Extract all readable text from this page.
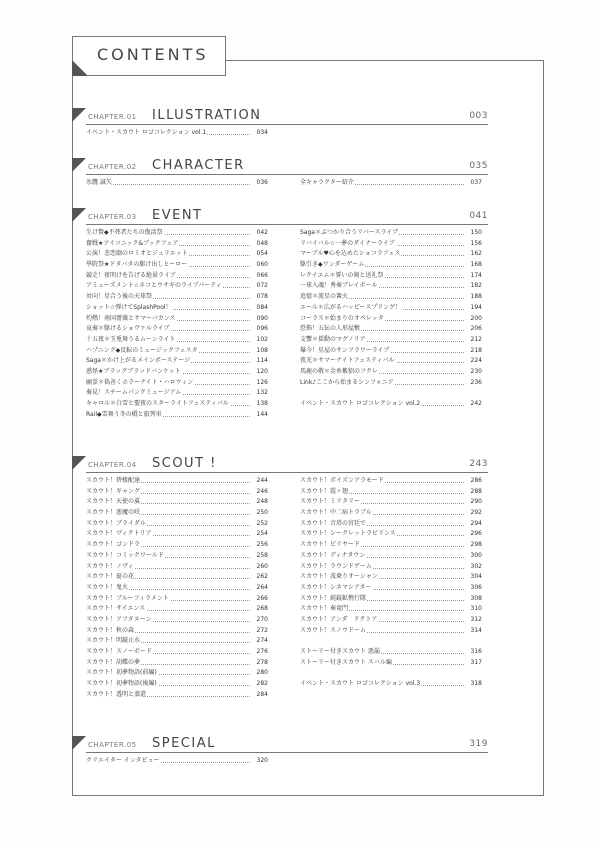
CONTENTS
CHAPTER.01 ILLUSTRATION	003
イベント・スカウト ロゴコレクション vol.1	034
CHAPTER.02 CHARACTER	035
氷鷹 誠矢	036	全キャラクター紹介	037
CHAPTER.03 EVENT	041
生け贄◆不死者たちの復活祭	042
奮戦★アイコニック&ブックフェア	048
公演！悲恋劇のロミオとジュリエット	054
學院祭★ドタバタの駆け出しヒーロー	060
競走！夜明けを告げる絶景ライブ	066
アミューズメント☆ネコとウサギのライブパーティ	072
対向！星合う後の天球祭	078
ショット☆弾けてSplashPool！	084
灼熱！南国薔薇とサマーバカンス	090
哀奏＊駆けるショヴァルライブ	096
十五夜＊玉兎舞うるムーンライト	102
ハプニング◆反転のミュージックフェスタ	108
Saga＊かけ上がるメインポーステージ	114
惑怪★ブラッグブラッドバンケット	120
幽霊＊偽善くホラーナイト・ハロウィン	126
奏晃！スチームパンクミュージアム	132
キャロル＊白雪と聖夜のスターライトフェスティバル	138
Rail◆雪舞う冬の橋と旅列車	144
Saga＊ぶつかり合うリバースライブ	150
リバイバル☆一夢のダイナーライブ	156
マーブル♥心を込めたショコラフェス	162
駆引き◆ワンダーゲーム	168
レクイエム＊誓いの剣と送礼祭	174
一球入魂！秀奏ブレイボール	182
追憶＊流星の篝火	188
エール＊広がるハッピースプリング！	194
コーラス＊始まりのオペレッタ	200
恐怖！五伝の人形屋敷	206
支響＊揺動のマグノリア	212
爆今！星屋のサンフラワーライブ	218
夜光＊サマーナイトフェスティバル	224
馬鹿の敬＊金糸紫貂のフクレ	230
Link♪ここから始まるシンフォニア	236
イベント・スカウト ロゴコレクション vol.2	242
CHAPTER.04 SCOUT !	243
スカウト！碧棲配達	244
スカウト！ギャング	246
スカウト！天使の翼	248
スカウト！悪魔の咲	250
スカウト！ブライダル	252
スカウト！ヴィクトリア	254
スカウト！ゴンドラ	256
スカウト！コミックワールド	258
スカウト！ノヴィ	260
スカウト！夏の花	262
スカウト！鬼火	264
スカウト！ブルーフィラメント	266
スカウト！サイエンス	268
スカウト！アフタヌーン	270
スカウト！秋の森	272
スカウト！明鏡止水	274
スカウト！スノーボード	276
スカウト！胡蝶の夢	278
スカウト！初夢物語(前編)	280
スカウト！初夢物語(後編)	282
スカウト！透明と蒸還	284
スカウト！ポイズンアラモード	286
スカウト！霞ヶ翅	288
スカウト！ミリタリー	290
スカウト！中二病トラブル	292
スカウト！音塔の宮廷で	294
スカウト！シークレットラビリンス	296
スカウト！ビリヤード	298
スカウト！ディナタウン	300
スカウト！ラウンドゲーム	302
スカウト！波乗りオーシャン	304
スカウト！シネマシアター	306
スカウト！純鏡鉱携行隊	308
スカウト！奏竜門	310
スカウト！アンダ　ドクトア	312
スカウト！スノウドーム	314
ストーリー付きスカウト 悪漏	316
ストーリー付きスカウト スバル編	317
イベント・スカウト ロゴコレクション vol.3	318
CHAPTER.05 SPECIAL	319
クリエイター インタビュー	320
